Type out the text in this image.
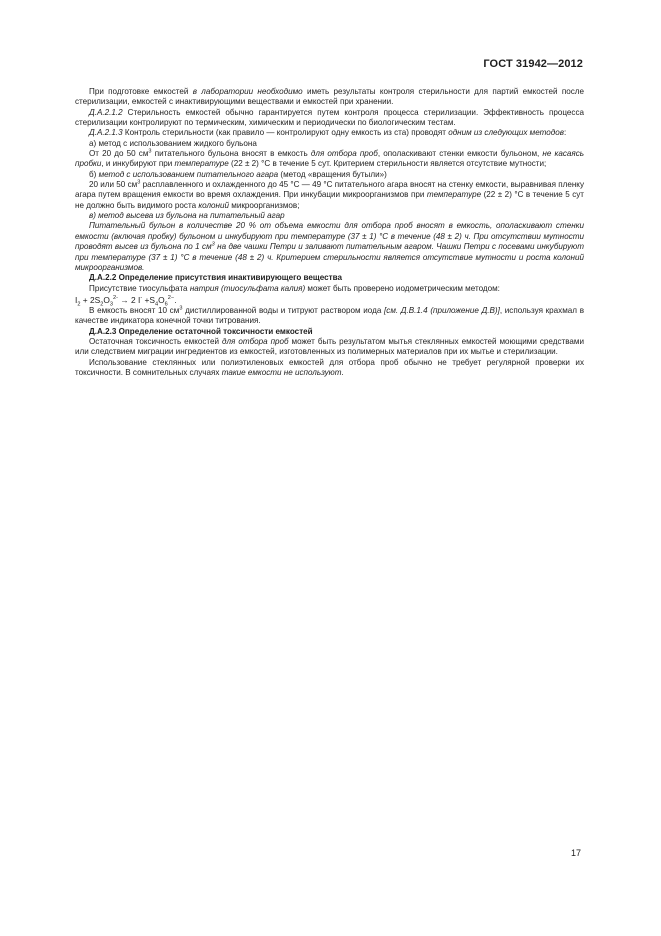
ГОСТ 31942—2012

При подготовке емкостей в лаборатории необходимо иметь результаты контроля стерильности для партий емкостей после стерилизации, емкостей с инактивирующими веществами и емкостей при хранении.

Д.А.2.1.2 Стерильность емкостей обычно гарантируется путем контроля процесса стерилизации. Эффективность процесса стерилизации контролируют по термическим, химическим и периодически по биологическим тестам.

Д.А.2.1.3 Контроль стерильности (как правило — контролируют одну емкость из ста) проводят одним из следующих методов:

а) метод с использованием жидкого бульона

От 20 до 50 $см^3$ питательного бульона вносят в емкость для отбора проб, ополаскивают стенки емкости бульоном, не касаясь пробки, и инкубируют при температуре (22 ± 2) °С в течение 5 сут. Критерием стерильности является отсутствие мутности;

б) метод с использованием питательного агара (метод «вращения бутыли»)

20 или 50 $см^3$ расплавленного и охлажденного до 45 °С — 49 °С питательного агара вносят на стенку емкости, выравнивая пленку агара путем вращения емкости во время охлаждения. При инкубации микроорганизмов при температуре (22 ± 2) °С в течение 5 сут не должно быть видимого роста колоний микроорганизмов;

в) метод высева из бульона на питательный агар

Питательный бульон в количестве 20 % от объема емкости для отбора проб вносят в емкость, ополаскивают стенки емкости (включая пробку) бульоном и инкубируют при температуре (37 ± 1) °С в течение (48 ± 2) ч. При отсутствии мутности проводят высев из бульона по 1 $см^3$ на две чашки Петри и заливают питательным агаром. Чашки Петри с посевами инкубируют при температуре (37 ± 1) °С в течение (48 ± 2) ч. Критерием стерильности является отсутствие мутности и роста колоний микроорганизмов.

Д.А.2.2 Определение присутствия инактивирующего вещества

Присутствие тиосульфата натрия (тиосульфата калия) может быть проверено иодометрическим методом:

$I_2 + 2S_2O_3^{2-} \to 2$ $I^- +S_4O_6^{2-}$.

В емкость вносят 10 $см^3$ дистиллированной воды и титруют раствором иода [см. Д.В.1.4 (приложение Д.В)], используя крахмал в качестве индикатора конечной точки титрования.

Д.А.2.3 Определение остаточной токсичности емкостей

Остаточная токсичность емкостей для отбора проб может быть результатом мытья стеклянных емкостей моющими средствами или следствием миграции ингредиентов из емкостей, изготовленных из полимерных материалов при их мытье и стерилизации.

Использование стеклянных или полиэтиленовых емкостей для отбора проб обычно не требует регулярной проверки их токсичности. В сомнительных случаях такие емкости не используют.

17
